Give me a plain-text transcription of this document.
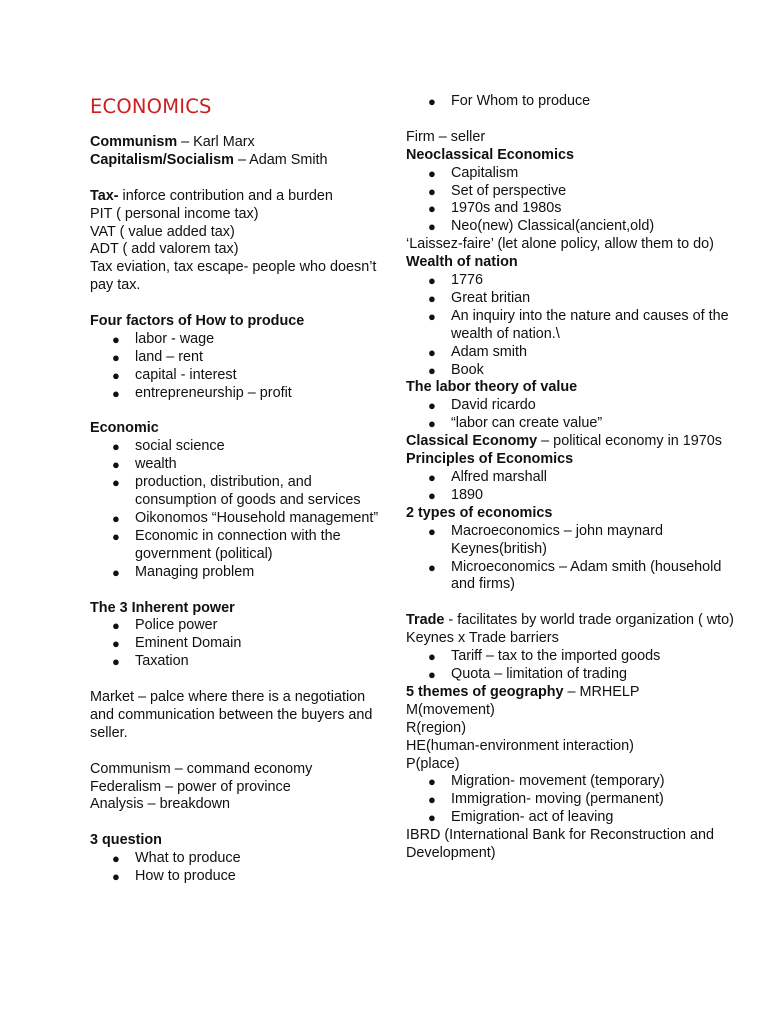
ECONOMICS
Communism – Karl Marx
Capitalism/Socialism – Adam Smith
Tax- inforce contribution and a burden
PIT ( personal income tax)
VAT ( value added tax)
ADT ( add valorem tax)
Tax eviation, tax escape- people who doesn’t pay tax.
Four factors of How to produce
● labor - wage
● land – rent
● capital - interest
● entrepreneurship – profit
Economic
● social science
● wealth
● production, distribution, and consumption of goods and services
● Oikonomos “Household management”
● Economic in connection with the government (political)
● Managing problem
The 3 Inherent power
● Police power
● Eminent Domain
● Taxation
Market – palce where there is a negotiation and communication between the buyers and seller.
Communism – command economy
Federalism – power of province
Analysis – breakdown
3 question
● What to produce
● How to produce
● For Whom to produce
Firm – seller
Neoclassical Economics
● Capitalism
● Set of perspective
● 1970s and 1980s
● Neo(new) Classical(ancient,old)
‘Laissez-faire’ (let alone policy, allow them to do)
Wealth of nation
● 1776
● Great britian
● An inquiry into the nature and causes of the wealth of nation.\
● Adam smith
● Book
The labor theory of value
● David ricardo
● “labor can create value”
Classical Economy – political economy in 1970s
Principles of Economics
● Alfred marshall
● 1890
2 types of economics
● Macroeconomics – john maynard Keynes(british)
● Microeconomics – Adam smith (household and firms)
Trade - facilitates by world trade organization ( wto)
Keynes x Trade barriers
● Tariff – tax to the imported goods
● Quota – limitation of trading
5 themes of geography – MRHELP
M(movement)
R(region)
HE(human-environment interaction)
P(place)
● Migration- movement (temporary)
● Immigration- moving (permanent)
● Emigration- act of leaving
IBRD (International Bank for Reconstruction and Development)
